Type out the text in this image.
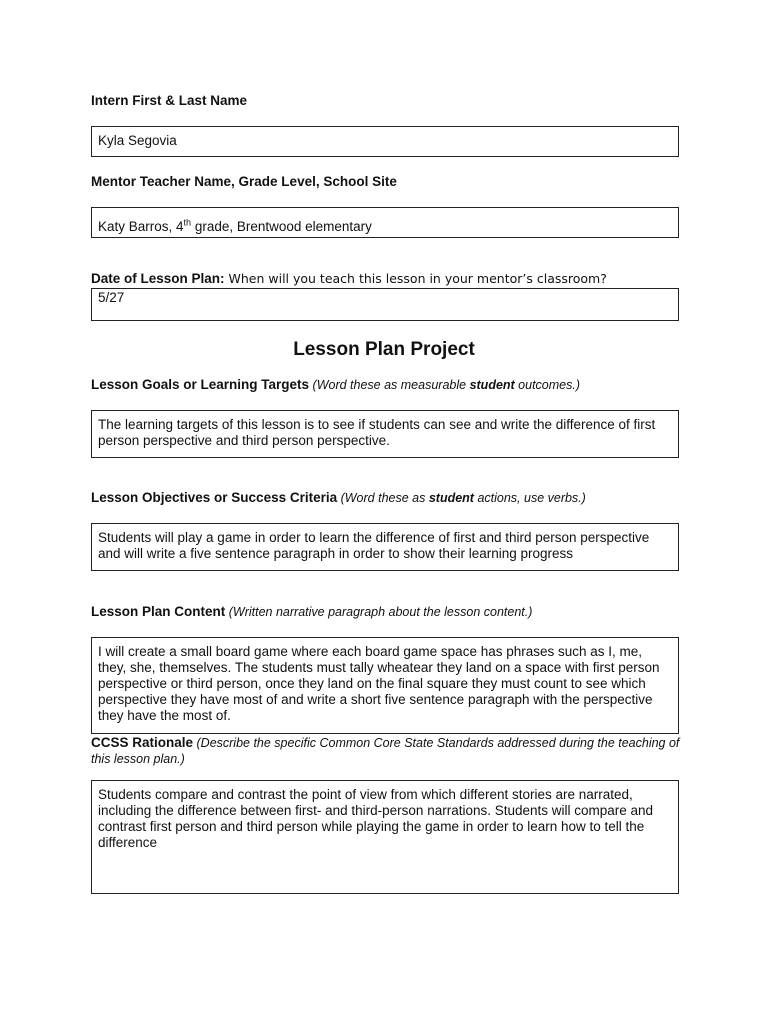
Intern First & Last Name
Kyla Segovia
Mentor Teacher Name, Grade Level, School Site
Katy Barros, 4th grade, Brentwood elementary
Date of Lesson Plan: When will you teach this lesson in your mentor’s classroom?
5/27
Lesson Plan Project
Lesson Goals or Learning Targets (Word these as measurable student outcomes.)
The learning targets of this lesson is to see if students can see and write the difference of first person perspective and third person perspective.
Lesson Objectives or Success Criteria (Word these as student actions, use verbs.)
Students will play a game in order to learn the difference of first and third person perspective and will write a five sentence paragraph in order to show their learning progress
Lesson Plan Content (Written narrative paragraph about the lesson content.)
I will create a small board game where each board game space has phrases such as I, me, they, she, themselves. The students must tally wheatear they land on a space with first person perspective or third person, once they land on the final square they must count to see which perspective they have most of and write a short five sentence paragraph with the perspective they have the most of.
CCSS Rationale (Describe the specific Common Core State Standards addressed during the teaching of this lesson plan.)
Students compare and contrast the point of view from which different stories are narrated, including the difference between first- and third-person narrations. Students will compare and contrast first person and third person while playing the game in order to learn how to tell the difference
